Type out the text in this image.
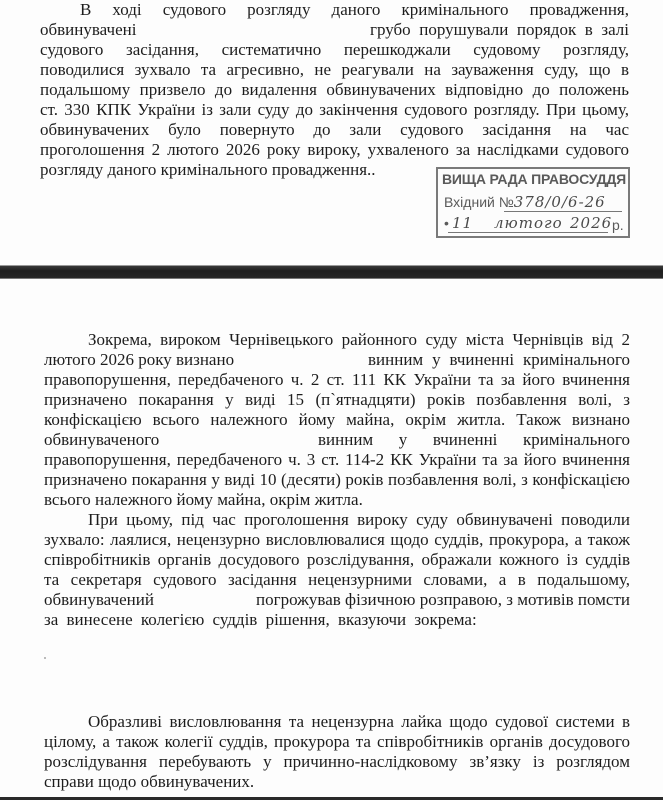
В ходi судового розгляду даного кримінального провадження,
обвинувачені	грубо порушували порядок в залі
судового засідання, систематично перешкоджали судовому розгляду,
поводилися зухвало та агресивно, не реагували на зауваження суду, що в
подальшому призвело до видалення обвинувачених відповідно до положень
ст. 330 КПК України із зали суду до закінчення судового розгляду. При цьому,
обвинувачених було повернуто до зали судового засідання на час
проголошення 2 лютого 2026 року вироку, ухваленого за наслідками судового
розгляду даного кримінального провадження..	ВИЩА РАДА ПРАВОСУДДЯ
Вхідний №378/0/6-26
• 11 лютого 2026 р.
Зокрема, вироком Чернівецького районного суду міста Чернівців від 2
лютого 2026 року визнано	винним у вчиненні кримінального
правопорушення, передбаченого ч. 2 ст. 111 КК України та за його вчинення
призначено покарання у виді 15 (п`ятнадцяти) років позбавлення волі, з
конфіскацією всього належного йому майна, окрім житла. Також визнано
обвинуваченого	винним у вчиненні кримінального
правопорушення, передбаченого ч. 3 ст. 114-2 КК України та за його вчинення
призначено покарання у виді 10 (десяти) років позбавлення волі, з конфіскацією
всього належного йому майна, окрім житла.
При цьому, під час проголошення вироку суду обвинувачені поводили
зухвало: лаялися, нецензурно висловлювалися щодо суддів, прокурора, а також
співробітників органів досудового розслідування, ображали кожного із суддів
та секретаря судового засідання нецензурними словами, а в подальшому,
обвинувачений	погрожував фізичною розправою, з мотивів помсти
за винесене колегією суддів рішення, вказуючи зокрема:
Образливі висловлювання та нецензурна лайка щодо судової системи в
цілому, а також колегії суддів, прокурора та співробітників органів досудового
розслідування перебувають у причинно-наслідковому зв’язку із розглядом
справи щодо обвинувачених.
